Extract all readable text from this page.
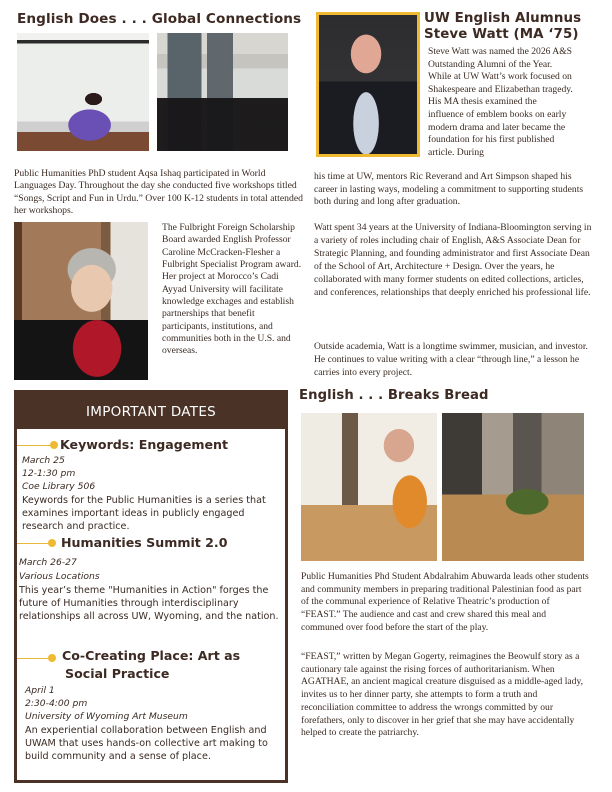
English Does . . . Global Connections

Public Humanities PhD student Aqsa Ishaq participated in World Languages Day. Throughout the day she conducted five workshops titled “Songs, Script and Fun in Urdu.” Over 100 K-12 students in total attended her workshops.

The Fulbright Foreign Scholarship Board awarded English Professor Caroline McCracken-Flesher a Fulbright Specialist Program award. Her project at Morocco’s Cadi Ayyad University will facilitate knowledge exchages and establish partnerships that benefit participants, institutions, and communities both in the U.S. and overseas.

UW English Alumnus
Steve Watt (MA ‘75)

Steve Watt was named the 2026 A&S Outstanding Alumni of the Year. While at UW Watt’s work focused on Shakespeare and Elizabethan tragedy. His MA thesis examined the influence of emblem books on early modern drama and later became the foundation for his first published article. During

his time at UW, mentors Ric Reverand and Art Simpson shaped his career in lasting ways, modeling a commitment to supporting students both during and long after graduation.

Watt spent 34 years at the University of Indiana-Bloomington serving in a variety of roles including chair of English, A&S Associate Dean for Strategic Planning, and founding administrator and first Associate Dean of the School of Art, Architecture + Design. Over the years, he collaborated with many former students on edited collections, articles, and conferences, relationships that deeply enriched his professional life.

Outside academia, Watt is a longtime swimmer, musician, and investor. He continues to value writing with a clear “through line,” a lesson he carries into every project.

IMPORTANT DATES
Keywords: Engagement
March 25
12-1:30 pm
Coe Library 506
Keywords for the Public Humanities is a series that examines important ideas in publicly engaged research and practice.
Humanities Summit 2.0
March 26-27
Various Locations
This year’s theme "Humanities in Action" forges the future of Humanities through interdisciplinary relationships all across UW, Wyoming, and the nation.
Co-Creating Place: Art as
Social Practice
April 1
2:30-4:00 pm
University of Wyoming Art Museum
An experiential collaboration between English and UWAM that uses hands-on collective art making to build community and a sense of place.
English . . . Breaks Bread

Public Humanities Phd Student Abdalrahim Abuwarda leads other students and community members in preparing traditional Palestinian food as part of the communal experience of Relative Theatric’s production of “FEAST.” The audience and cast and crew shared this meal and communed over food before the start of the play.

“FEAST,” written by Megan Gogerty, reimagines the Beowulf story as a cautionary tale against the rising forces of authoritarianism. When AGATHAE, an ancient magical creature disguised as a middle-aged lady, invites us to her dinner party, she attempts to form a truth and reconciliation committee to address the wrongs committed by our forefathers, only to discover in her grief that she may have accidentally helped to create the patriarchy.
